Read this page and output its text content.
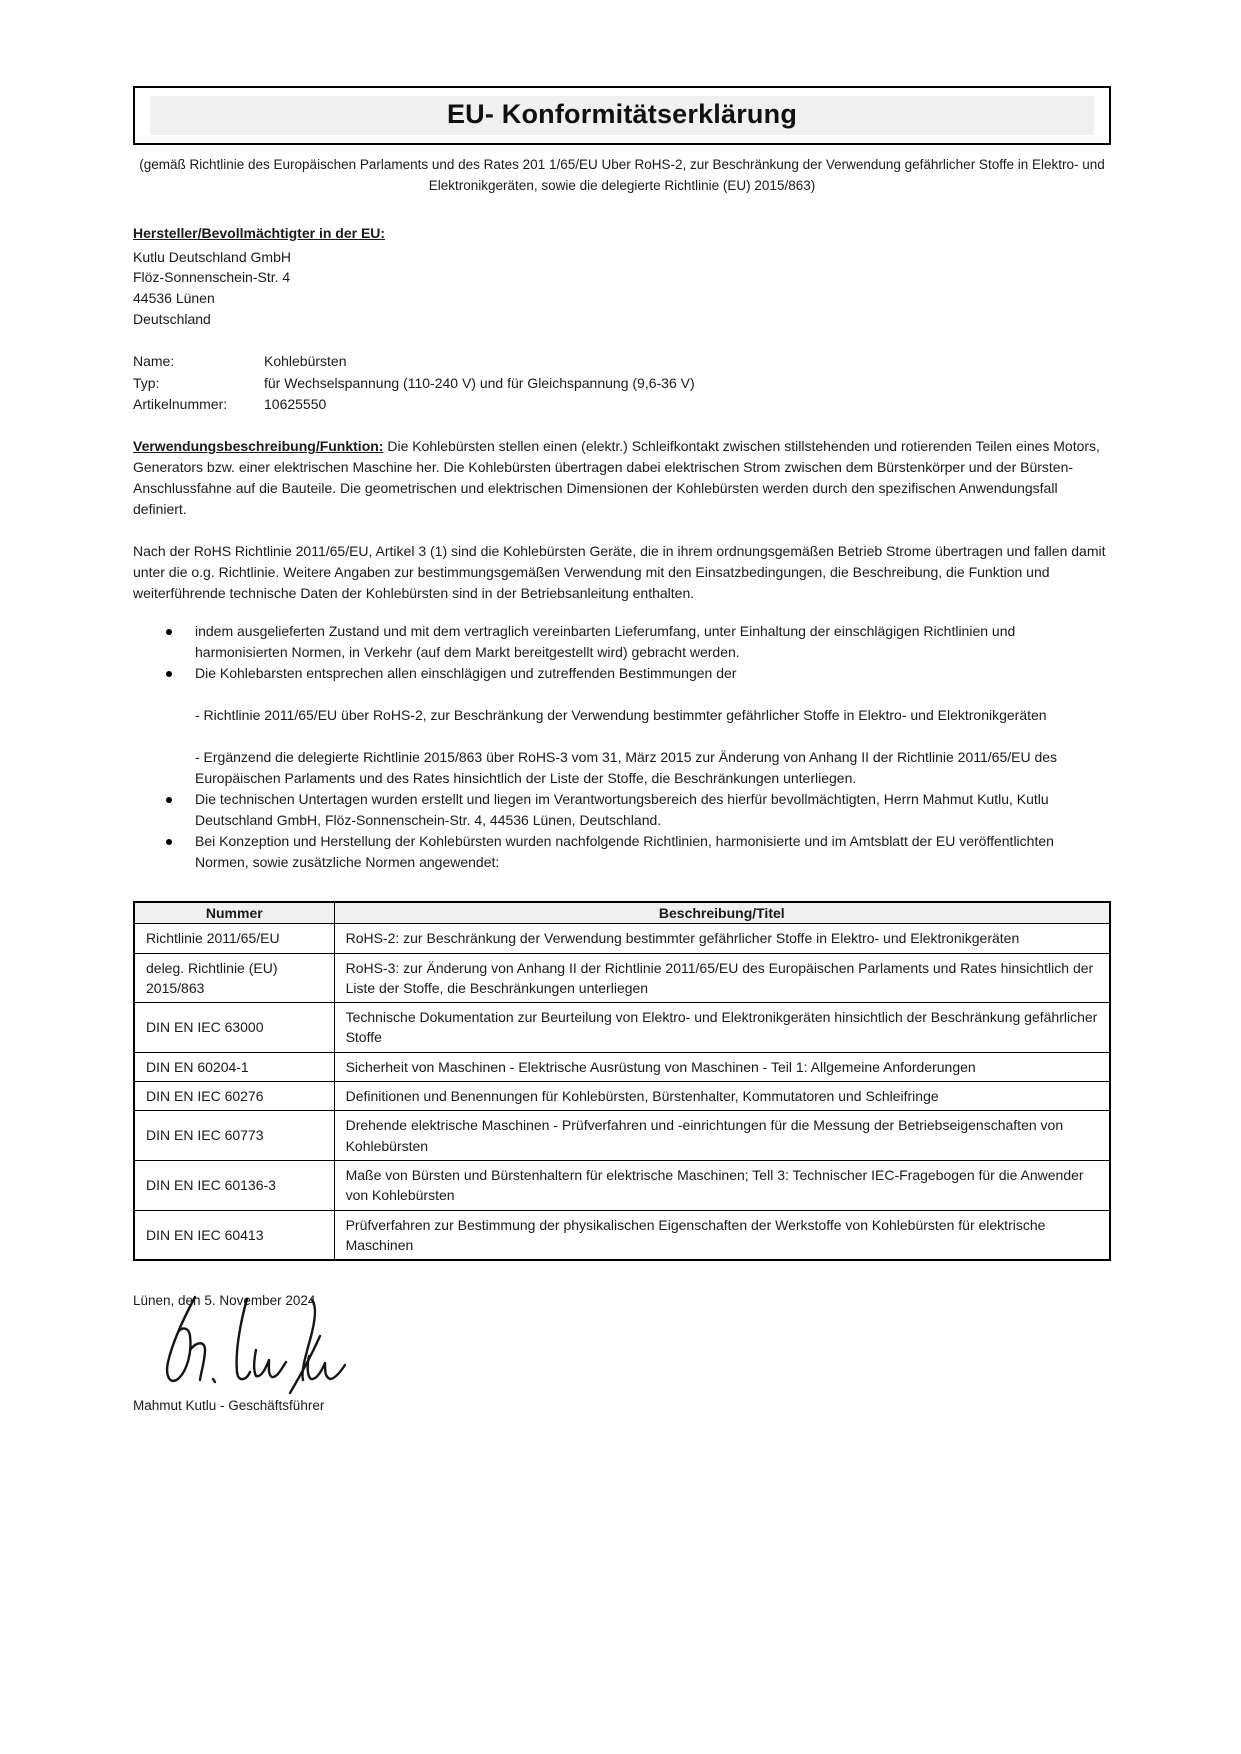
EU- Konformitätserklärung
(gemäß Richtlinie des Europäischen Parlaments und des Rates 201 1/65/EU Uber RoHS-2, zur Beschränkung der Verwendung gefährlicher Stoffe in Elektro- und Elektronikgeräten, sowie die delegierte Richtlinie (EU) 2015/863)
Hersteller/Bevollmächtigter in der EU:
Kutlu Deutschland GmbH
Flöz-Sonnenschein-Str. 4
44536 Lünen
Deutschland
Name:	Kohlebürsten
Typ:	für Wechselspannung (110-240 V) und für Gleichspannung (9,6-36 V)
Artikelnummer:	10625550

Verwendungsbeschreibung/Funktion: Die Kohlebürsten stellen einen (elektr.) Schleifkontakt zwischen stillstehenden und rotierenden Teilen eines Motors, Generators bzw. einer elektrischen Maschine her. Die Kohlebürsten übertragen dabei elektrischen Strom zwischen dem Bürstenkörper und der Bürsten-Anschlussfahne auf die Bauteile. Die geometrischen und elektrischen Dimensionen der Kohlebürsten werden durch den spezifischen Anwendungsfall definiert.

Nach der RoHS Richtlinie 2011/65/EU, Artikel 3 (1) sind die Kohlebürsten Geräte, die in ihrem ordnungsgemäßen Betrieb Strome übertragen und fallen damit unter die o.g. Richtlinie. Weitere Angaben zur bestimmungsgemäßen Verwendung mit den Einsatzbedingungen, die Beschreibung, die Funktion und weiterführende technische Daten der Kohlebürsten sind in der Betriebsanleitung enthalten.

indem ausgelieferten Zustand und mit dem vertraglich vereinbarten Lieferumfang, unter Einhaltung der einschlägigen Richtlinien und harmonisierten Normen, in Verkehr (auf dem Markt bereitgestellt wird) gebracht werden.
Die Kohlebarsten entsprechen allen einschlägigen und zutreffenden Bestimmungen der
- Richtlinie 2011/65/EU über RoHS-2, zur Beschränkung der Verwendung bestimmter gefährlicher Stoffe in Elektro- und Elektronikgeräten
- Ergänzend die delegierte Richtlinie 2015/863 über RoHS-3 vom 31, März 2015 zur Änderung von Anhang II der Richtlinie 2011/65/EU des Europäischen Parlaments und des Rates hinsichtlich der Liste der Stoffe, die Beschränkungen unterliegen.
Die technischen Untertagen wurden erstellt und liegen im Verantwortungsbereich des hierfür bevollmächtigten, Herrn Mahmut Kutlu, Kutlu Deutschland GmbH, Flöz-Sonnenschein-Str. 4, 44536 Lünen, Deutschland.
Bei Konzeption und Herstellung der Kohlebürsten wurden nachfolgende Richtlinien, harmonisierte und im Amtsblatt der EU veröffentlichten Normen, sowie zusätzliche Normen angewendet:
Nummer	Beschreibung/Titel
Richtlinie 2011/65/EU	RoHS-2: zur Beschränkung der Verwendung bestimmter gefährlicher Stoffe in Elektro- und Elektronikgeräten
deleg. Richtlinie (EU) 2015/863	RoHS-3: zur Änderung von Anhang II der Richtlinie 2011/65/EU des Europäischen Parlaments und Rates hinsichtlich der Liste der Stoffe, die Beschränkungen unterliegen
DIN EN IEC 63000	Technische Dokumentation zur Beurteilung von Elektro- und Elektronikgeräten hinsichtlich der Beschränkung gefährlicher Stoffe
DIN EN 60204-1	Sicherheit von Maschinen - Elektrische Ausrüstung von Maschinen - Teil 1: Allgemeine Anforderungen
DIN EN IEC 60276	Definitionen und Benennungen für Kohlebürsten, Bürstenhalter, Kommutatoren und Schleifringe
DIN EN IEC 60773	Drehende elektrische Maschinen - Prüfverfahren und -einrichtungen für die Messung der Betriebseigenschaften von Kohlebürsten
DIN EN IEC 60136-3	Maße von Bürsten und Bürstenhaltern für elektrische Maschinen; Tell 3: Technischer IEC-Fragebogen für die Anwender von Kohlebürsten
DIN EN IEC 60413	Prüfverfahren zur Bestimmung der physikalischen Eigenschaften der Werkstoffe von Kohlebürsten für elektrische Maschinen
Lünen, den 5. November 2024
Mahmut Kutlu - Geschäftsführer
